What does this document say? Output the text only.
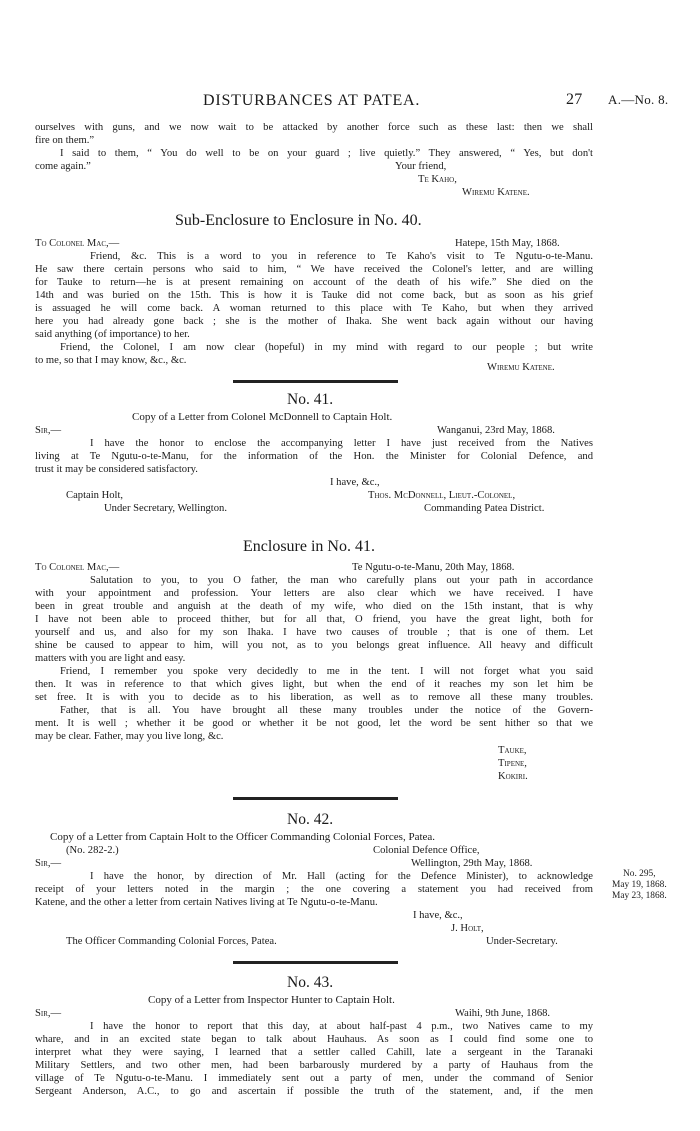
DISTURBANCES AT PATEA.	27 A.—No. 8.
ourselves with guns, and we now wait to be attacked by another force such as these last: then we shall
fire on them.”
I said to them, “ You do well to be on your guard ; live quietly.” They answered, “ Yes, but don't
come again.”	Your friend,
Te Kaho,
Wiremu Katene.
Sub-Enclosure to Enclosure in No. 40.
To Colonel Mac,—	Hatepe, 15th May, 1868.
Friend, &c. This is a word to you in reference to Te Kaho's visit to Te Ngutu-o-te-Manu.
He saw there certain persons who said to him, “ We have received the Colonel's letter, and are willing
for Tauke to return—he is at present remaining on account of the death of his wife.” She died on the
14th and was buried on the 15th. This is how it is Tauke did not come back, but as soon as his grief
is assuaged he will come back. A woman returned to this place with Te Kaho, but when they arrived
here you had already gone back ; she is the mother of Ihaka. She went back again without our having
said anything (of importance) to her.
Friend, the Colonel, I am now clear (hopeful) in my mind with regard to our people ; but write
to me, so that I may know, &c., &c.
Wiremu Katene.
No. 41.
Copy of a Letter from Colonel McDonnell to Captain Holt.
Sir,—	Wanganui, 23rd May, 1868.
I have the honor to enclose the accompanying letter I have just received from the Natives
living at Te Ngutu-o-te-Manu, for the information of the Hon. the Minister for Colonial Defence, and
trust it may be considered satisfactory.
I have, &c.,
Captain Holt,	Thos. McDonnell, Lieut.-Colonel,
Under Secretary, Wellington.	Commanding Patea District.
Enclosure in No. 41.
To Colonel Mac,—	Te Ngutu-o-te-Manu, 20th May, 1868.
Salutation to you, to you O father, the man who carefully plans out your path in accordance
with your appointment and profession. Your letters are also clear which we have received. I have
been in great trouble and anguish at the death of my wife, who died on the 15th instant, that is why
I have not been able to proceed thither, but for all that, O friend, you have the great light, both for
yourself and us, and also for my son Ihaka. I have two causes of trouble ; that is one of them. Let
shine be caused to appear to him, will you not, as to you belongs great influence. All heavy and difficult
matters with you are light and easy.
Friend, I remember you spoke very decidedly to me in the tent. I will not forget what you said
then. It was in reference to that which gives light, but when the end of it reaches my son let him be
set free. It is with you to decide as to his liberation, as well as to remove all these many troubles.
Father, that is all. You have brought all these many troubles under the notice of the Govern-
ment. It is well ; whether it be good or whether it be not good, let the word be sent hither so that we
may be clear. Father, may you live long, &c.
Tauke,
Tipene,
Kokiri.
No. 42.
Copy of a Letter from Captain Holt to the Officer Commanding Colonial Forces, Patea.
(No. 282-2.)	Colonial Defence Office,
Sir,—	Wellington, 29th May, 1868.
I have the honor, by direction of Mr. Hall (acting for the Defence Minister), to acknowledge
receipt of your letters noted in the margin ; the one covering a statement you had received from
Katene, and the other a letter from certain Natives living at Te Ngutu-o-te-Manu.
I have, &c.,
J. Holt,
The Officer Commanding Colonial Forces, Patea.	Under-Secretary.
No. 295,
May 19, 1868.
May 23, 1868.
No. 43.
Copy of a Letter from Inspector Hunter to Captain Holt.
Sir,—	Waihi, 9th June, 1868.
I have the honor to report that this day, at about half-past 4 p.m., two Natives came to my
whare, and in an excited state began to talk about Hauhaus. As soon as I could find some one to
interpret what they were saying, I learned that a settler called Cahill, late a sergeant in the Taranaki
Military Settlers, and two other men, had been barbarously murdered by a party of Hauhaus from the
village of Te Ngutu-o-te-Manu. I immediately sent out a party of men, under the command of Senior
Sergeant Anderson, A.C., to go and ascertain if possible the truth of the statement, and, if the men
